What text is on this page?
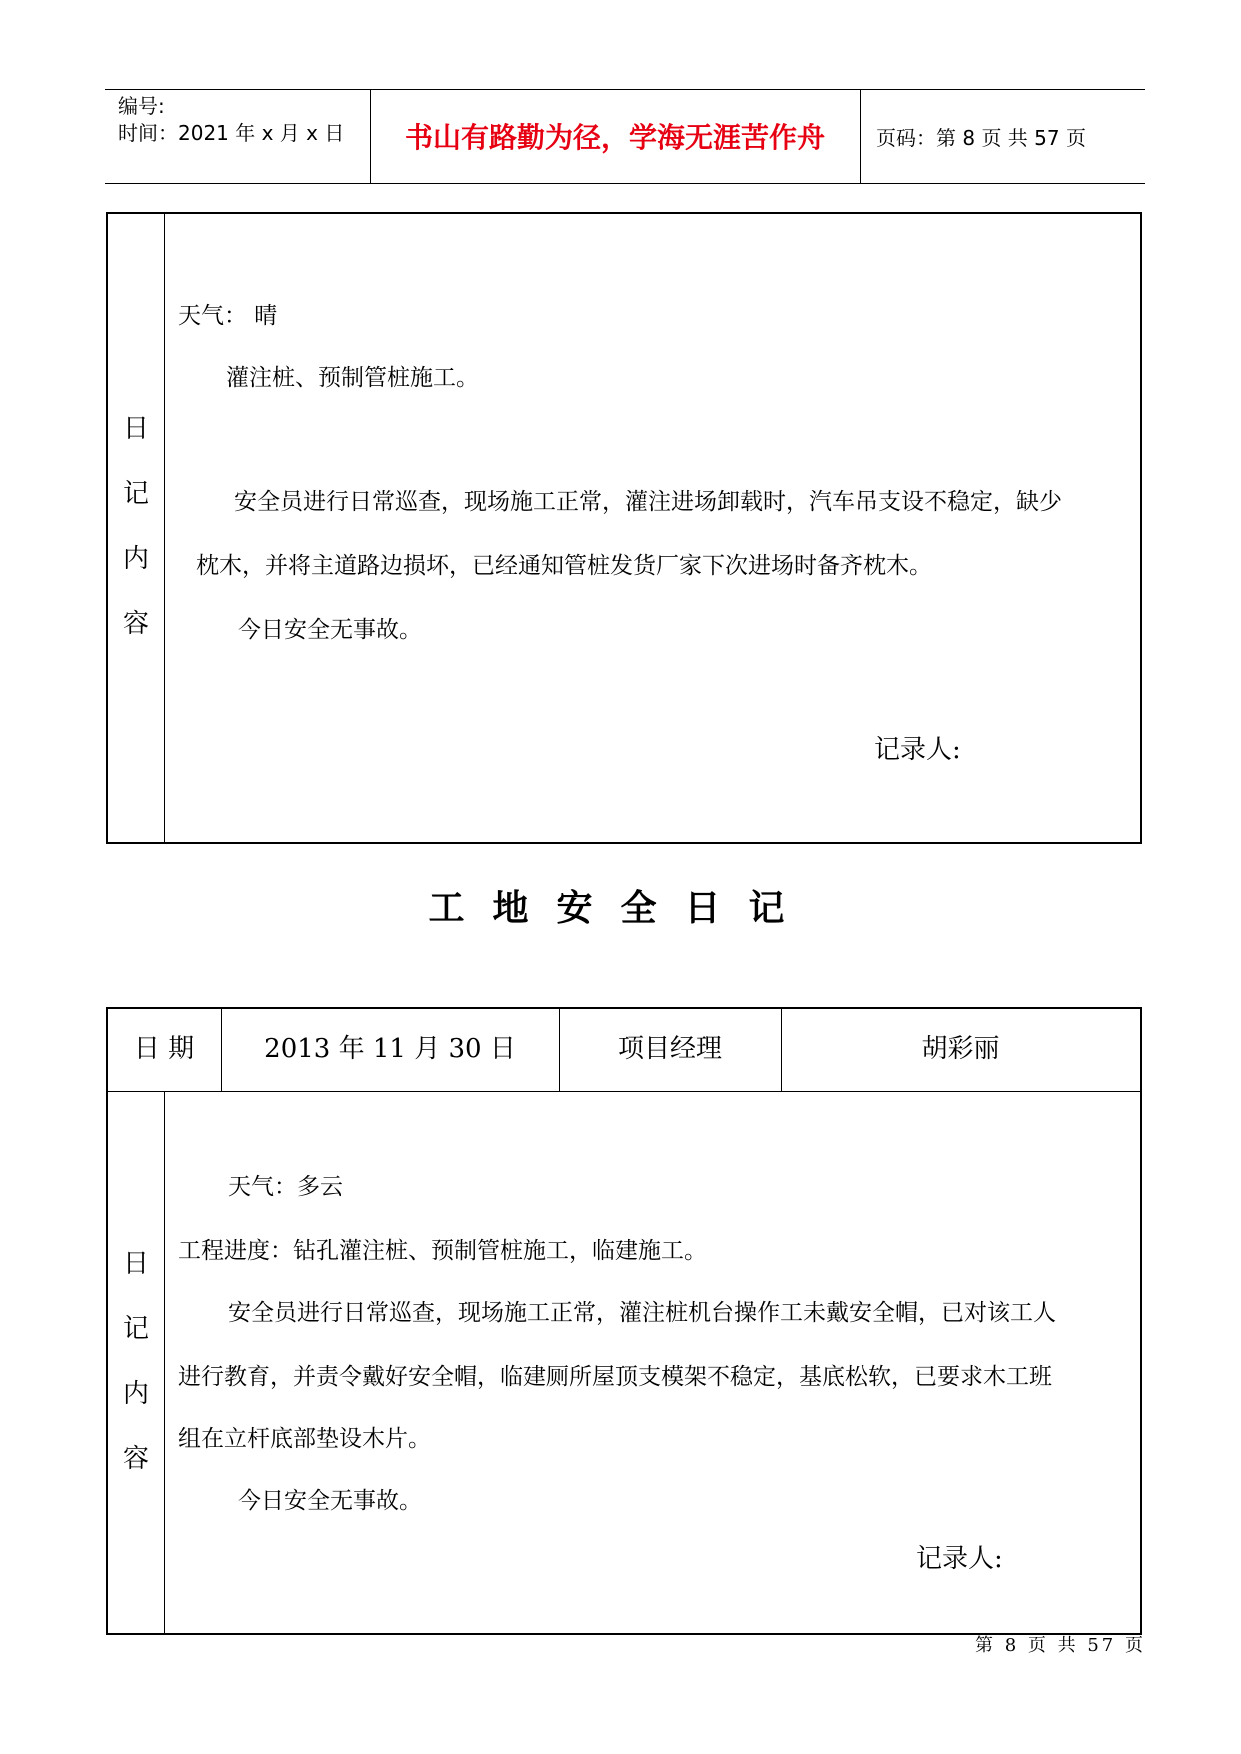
编号:
时间：2021 年 x 月 x 日	书山有路勤为径，学海无涯苦作舟	页码：第 8 页 共 57 页
日
记
内
容
天气： 晴
灌注桩、预制管桩施工。
安全员进行日常巡查，现场施工正常，灌注进场卸载时，汽车吊支设不稳定，缺少
枕木，并将主道路边损坏，已经通知管桩发货厂家下次进场时备齐枕木。
今日安全无事故。
记录人:
工地安全日记
日 期	2013 年 11 月 30 日	项目经理	胡彩丽
日
记
内
容
天气：多云
工程进度：钻孔灌注桩、预制管桩施工，临建施工。
安全员进行日常巡查，现场施工正常，灌注桩机台操作工未戴安全帽，已对该工人
进行教育，并责令戴好安全帽，临建厕所屋顶支模架不稳定，基底松软，已要求木工班
组在立杆底部垫设木片。
今日安全无事故。
记录人:
第 8 页 共 57 页
